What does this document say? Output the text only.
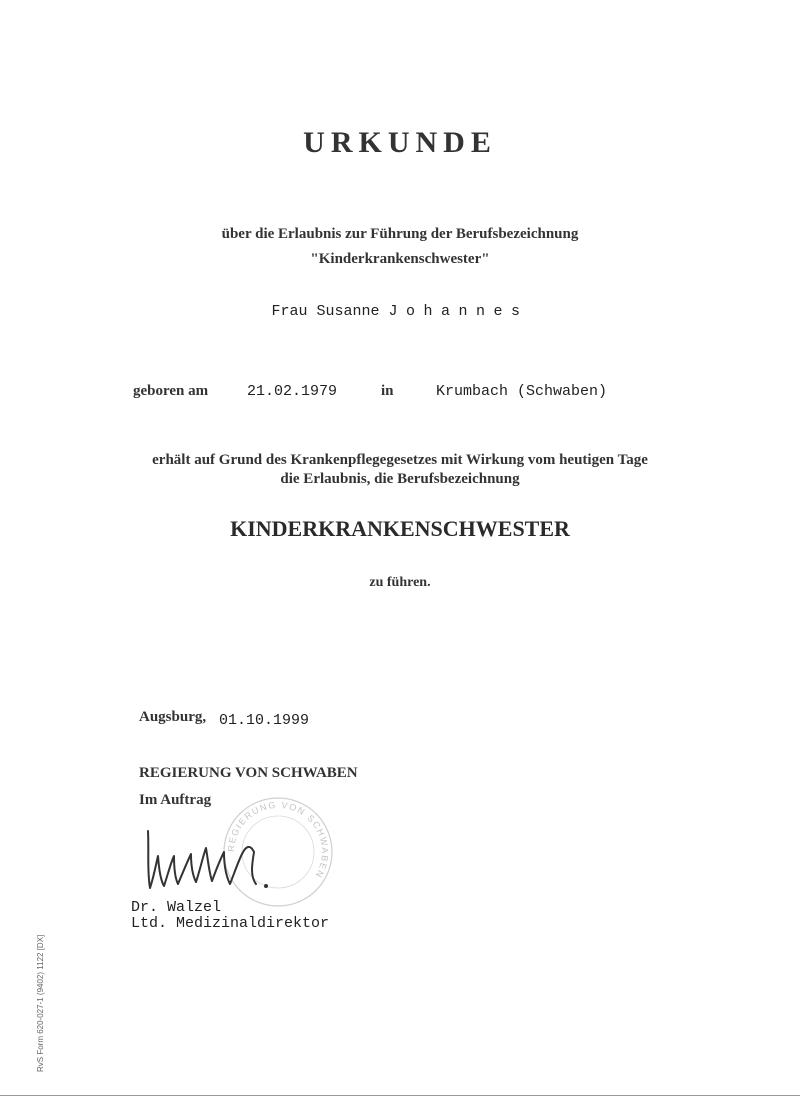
URKUNDE
über die Erlaubnis zur Führung der Berufsbezeichnung
"Kinderkrankenschwester"
Frau Susanne Johannes
geboren am	21.02.1979	in	Krumbach (Schwaben)
erhält auf Grund des Krankenpflegegesetzes mit Wirkung vom heutigen Tage
die Erlaubnis, die Berufsbezeichnung
KINDERKRANKENSCHWESTER
zu führen.
Augsburg, 01.10.1999
REGIERUNG VON SCHWABEN
Im Auftrag
REGIERUNG VON SCHWABEN
Dr. Walzel
Ltd. Medizinaldirektor
RvS Form 620-027-1 (9402) 1122 [DX]
